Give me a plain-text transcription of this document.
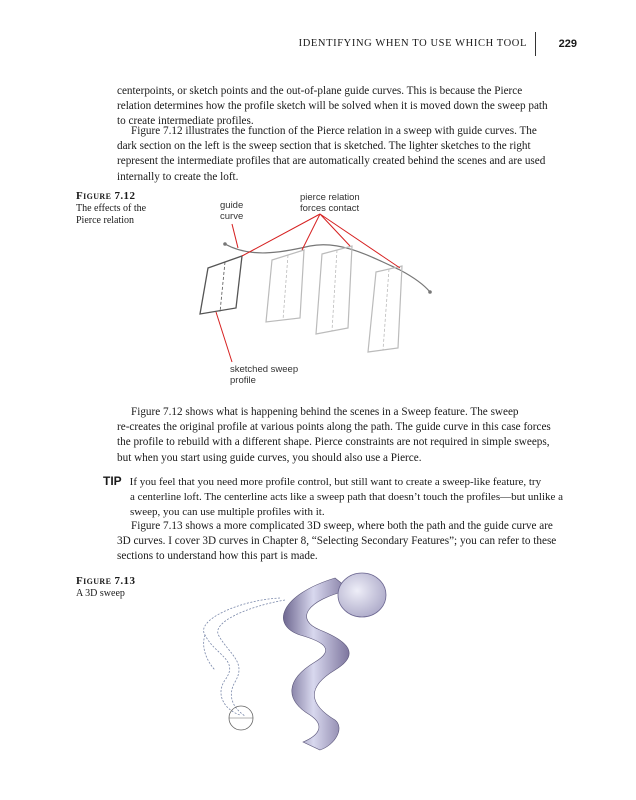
IDENTIFYING WHEN TO USE WHICH TOOL	229
centerpoints, or sketch points and the out-of-plane guide curves. This is because the Pierce
relation determines how the profile sketch will be solved when it is moved down the sweep path
to create intermediate profiles.
Figure 7.12 illustrates the function of the Pierce relation in a sweep with guide curves. The
dark section on the left is the sweep section that is sketched. The lighter sketches to the right
represent the intermediate profiles that are automatically created behind the scenes and are used
internally to create the loft.
Figure 7.12
The effects of the
Pierce relation
guide
curve
pierce relation
forces contact
sketched sweep
profile
Figure 7.12 shows what is happening behind the scenes in a Sweep feature. The sweep
re-creates the original profile at various points along the path. The guide curve in this case forces
the profile to rebuild with a different shape. Pierce constraints are not required in simple sweeps,
but when you start using guide curves, you should also use a Pierce.
TIP If you feel that you need more profile control, but still want to create a sweep-like feature, try
a centerline loft. The centerline acts like a sweep path that doesn’t touch the profiles—but unlike a
sweep, you can use multiple profiles with it.
Figure 7.13 shows a more complicated 3D sweep, where both the path and the guide curve are
3D curves. I cover 3D curves in Chapter 8, “Selecting Secondary Features”; you can refer to these
sections to understand how this part is made.
Figure 7.13
A 3D sweep
